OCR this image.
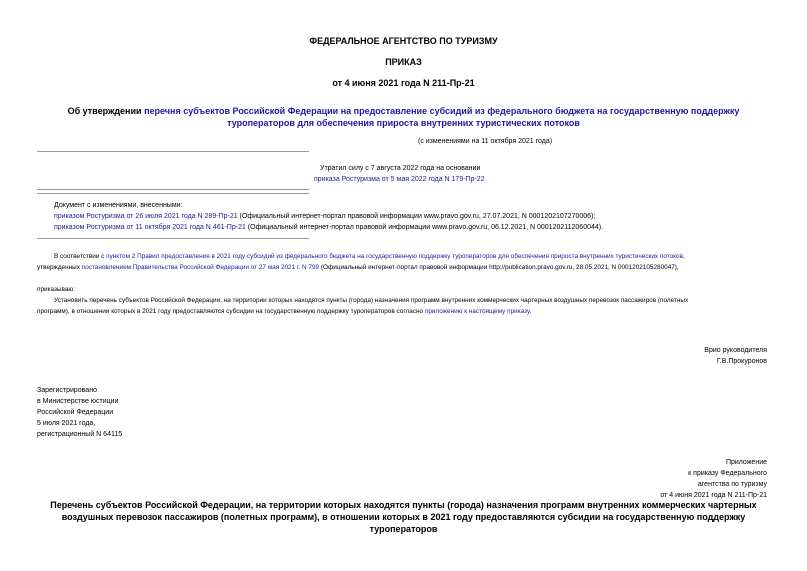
ФЕДЕРАЛЬНОЕ АГЕНТСТВО ПО ТУРИЗМУ
ПРИКАЗ
от 4 июня 2021 года N 211-Пр-21
Об утверждении перечня субъектов Российской Федерации на предоставление субсидий из федерального бюджета на государственную поддержку
туроператоров для обеспечения прироста внутренних туристических потоков
(с изменениями на 11 октября 2021 года)
Утратил силу с 7 августа 2022 года на основании
приказа Ростуризма от 5 мая 2022 года N 179-Пр-22
Документ с изменениями, внесенными:
приказом Ростуризма от 26 июля 2021 года N 289-Пр-21 (Официальный интернет-портал правовой информации www.pravo.gov.ru, 27.07.2021, N 0001202107270006);
приказом Ростуризма от 11 октября 2021 года N 461-Пр-21 (Официальный интернет-портал правовой информации www.pravo.gov.ru, 06.12.2021, N 0001202112060044).
В соответствии с пунктом 2 Правил предоставления в 2021 году субсидий из федерального бюджета на государственную поддержку туроператоров для обеспечения прироста внутренних туристических потоков,
утвержденных постановлением Правительства Российской Федерации от 27 мая 2021 г. N 799 (Официальный интернет-портал правовой информации http://publication.pravo.gov.ru, 28.05.2021, N 0001202105280047),
приказываю:
Установить перечень субъектов Российской Федерации, на территории которых находятся пункты (города) назначения программ внутренних коммерческих чартерных воздушных перевозок пассажиров (полетных
программ), в отношении которых в 2021 году предоставляются субсидии на государственную поддержку туроператоров согласно приложению к настоящему приказу.
Врио руководителя
Г.В.Прокуронов
Зарегистрировано
в Министерстве юстиции
Российской Федерации
5 июля 2021 года,
регистрационный N 64115
Приложение
к приказу Федерального
агентства по туризму
от 4 июня 2021 года N 211-Пр-21
Перечень субъектов Российской Федерации, на территории которых находятся пункты (города) назначения программ внутренних коммерческих чартерных
воздушных перевозок пассажиров (полетных программ), в отношении которых в 2021 году предоставляются субсидии на государственную поддержку
туроператоров
